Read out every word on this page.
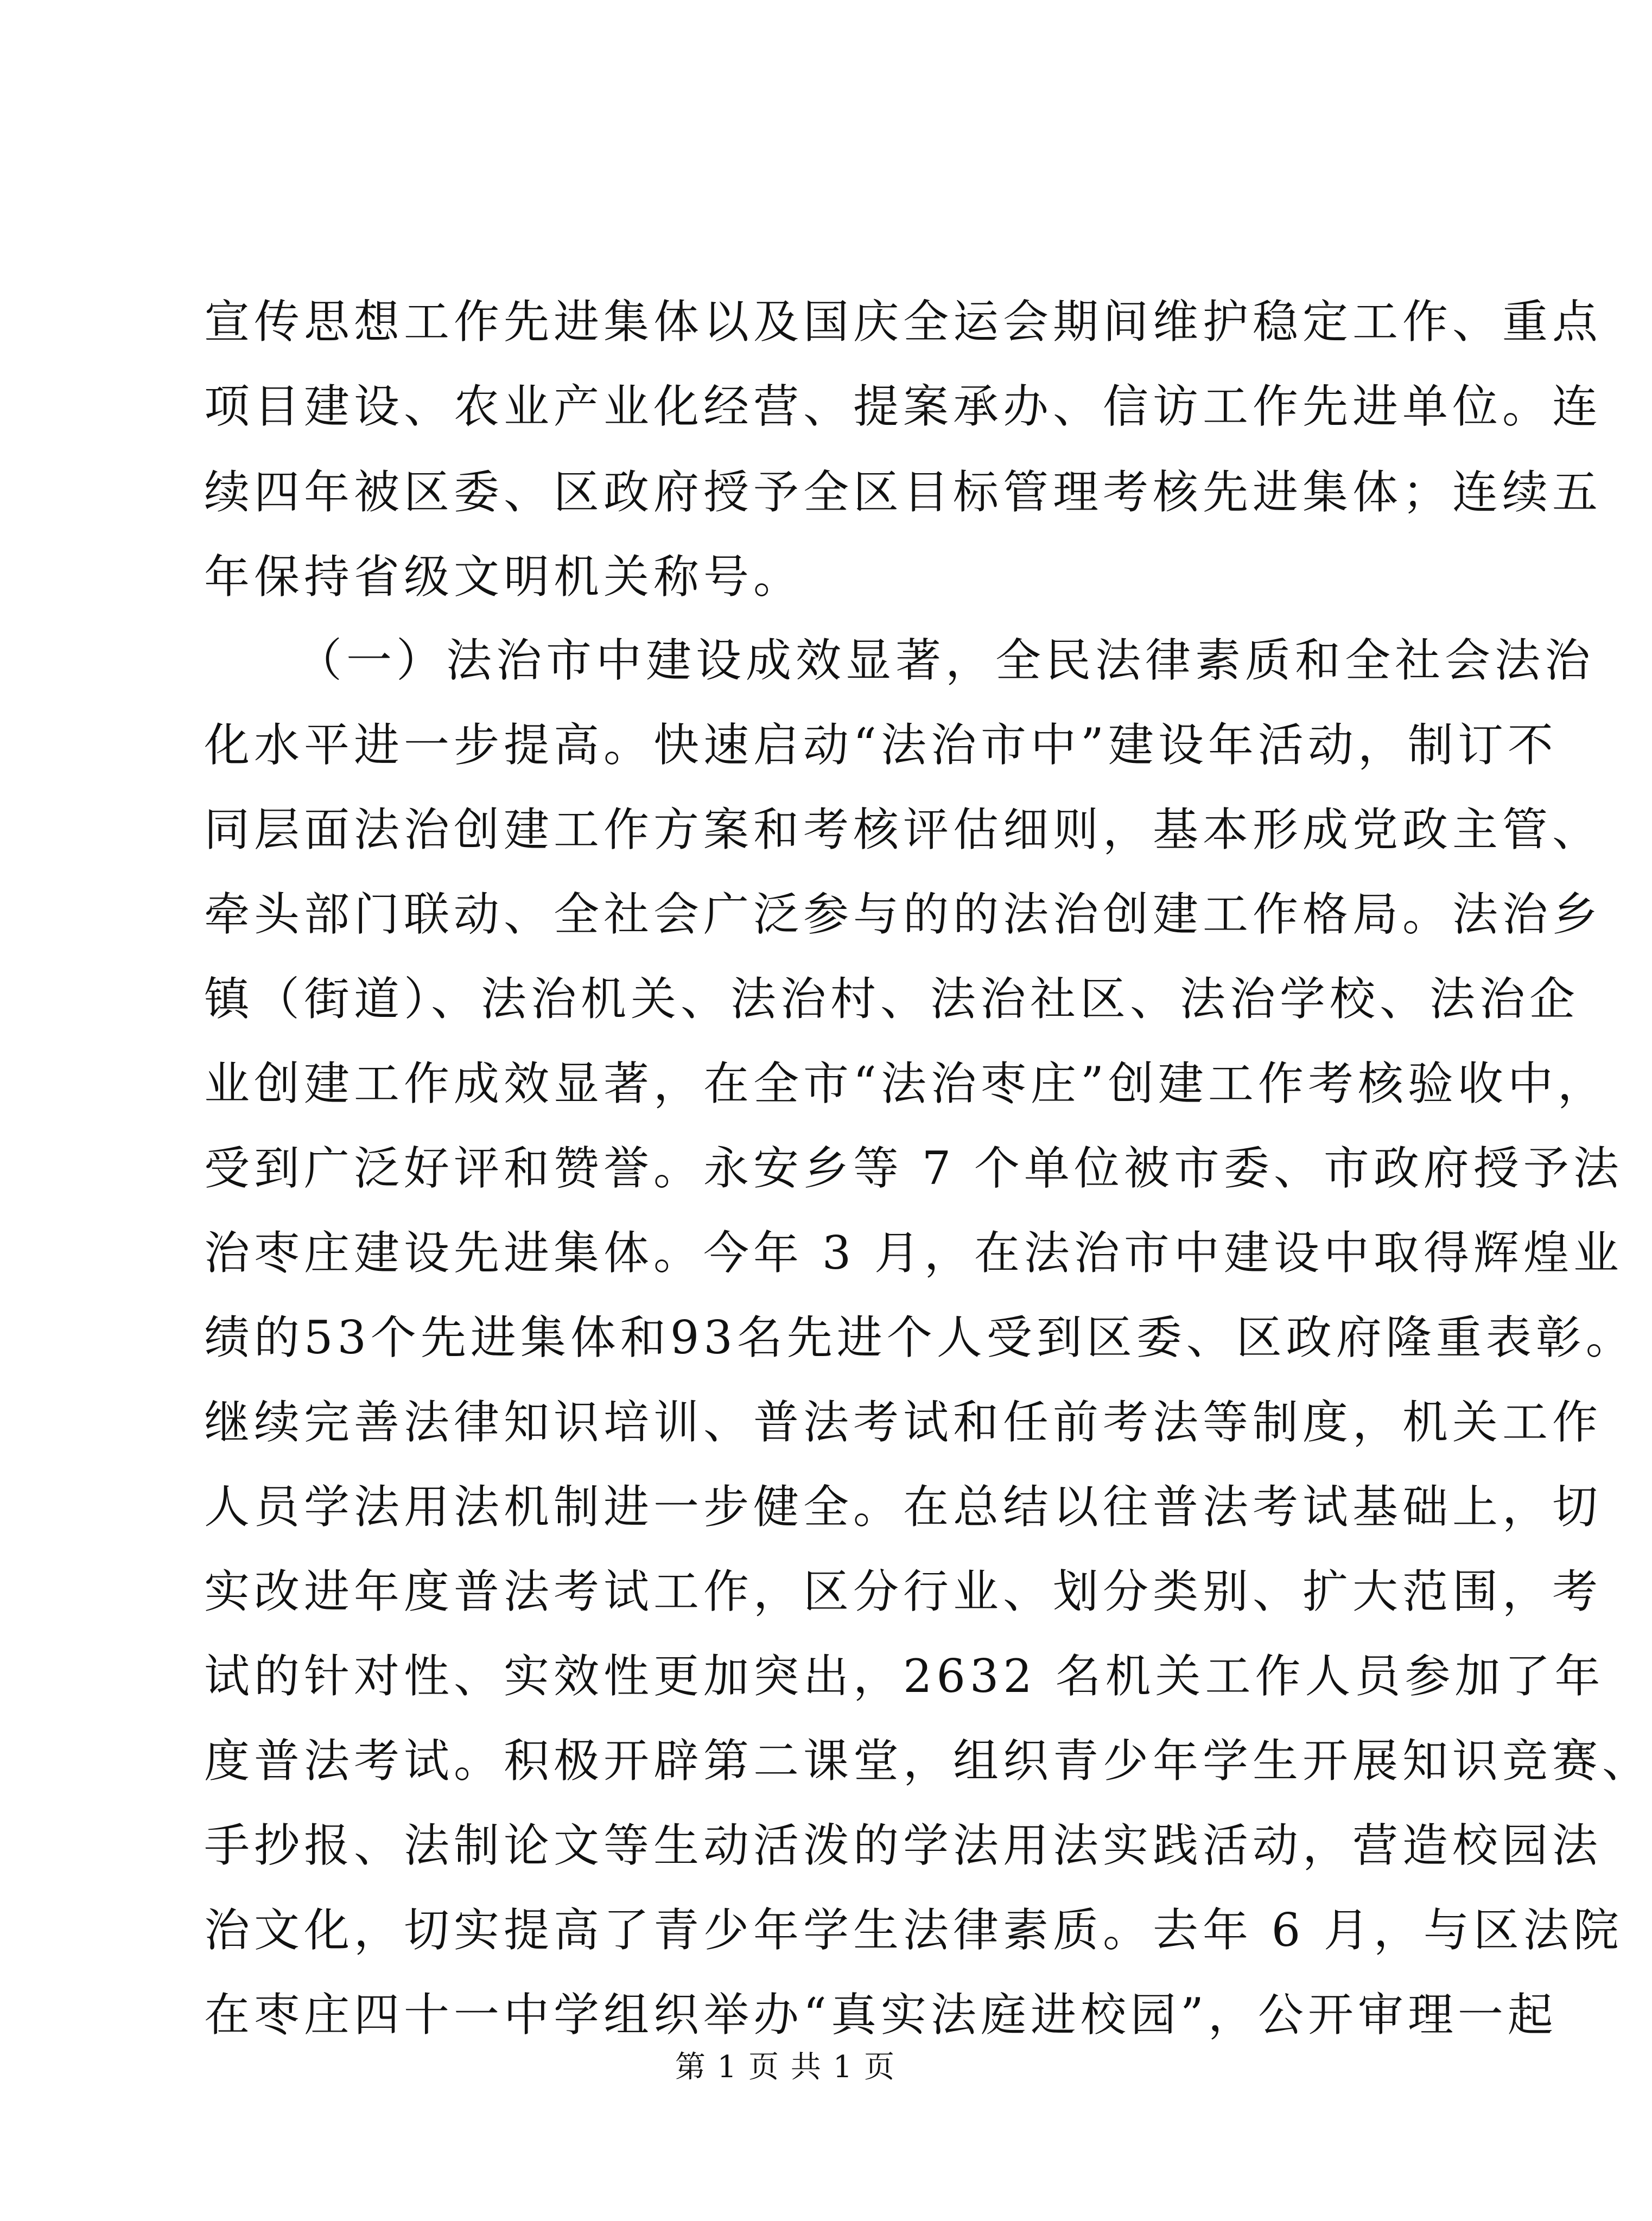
宣传思想工作先进集体以及国庆全运会期间维护稳定工作、重点
项目建设、农业产业化经营、提案承办、信访工作先进单位。连
续四年被区委、区政府授予全区目标管理考核先进集体；连续五
年保持省级文明机关称号。
（一）法治市中建设成效显著，全民法律素质和全社会法治
化水平进一步提高。快速启动“法治市中”建设年活动，制订不
同层面法治创建工作方案和考核评估细则，基本形成党政主管、
牵头部门联动、全社会广泛参与的的法治创建工作格局。法治乡
镇（街道）、法治机关、法治村、法治社区、法治学校、法治企
业创建工作成效显著，在全市“法治枣庄”创建工作考核验收中，
受到广泛好评和赞誉。永安乡等 7 个单位被市委、市政府授予法
治枣庄建设先进集体。今年 3 月，在法治市中建设中取得辉煌业
绩的53个先进集体和93名先进个人受到区委、区政府隆重表彰。
继续完善法律知识培训、普法考试和任前考法等制度，机关工作
人员学法用法机制进一步健全。在总结以往普法考试基础上，切
实改进年度普法考试工作，区分行业、划分类别、扩大范围，考
试的针对性、实效性更加突出，2632 名机关工作人员参加了年
度普法考试。积极开辟第二课堂，组织青少年学生开展知识竞赛、
手抄报、法制论文等生动活泼的学法用法实践活动，营造校园法
治文化，切实提高了青少年学生法律素质。去年 6 月，与区法院
在枣庄四十一中学组织举办“真实法庭进校园”，公开审理一起
第 1 页 共 1 页
